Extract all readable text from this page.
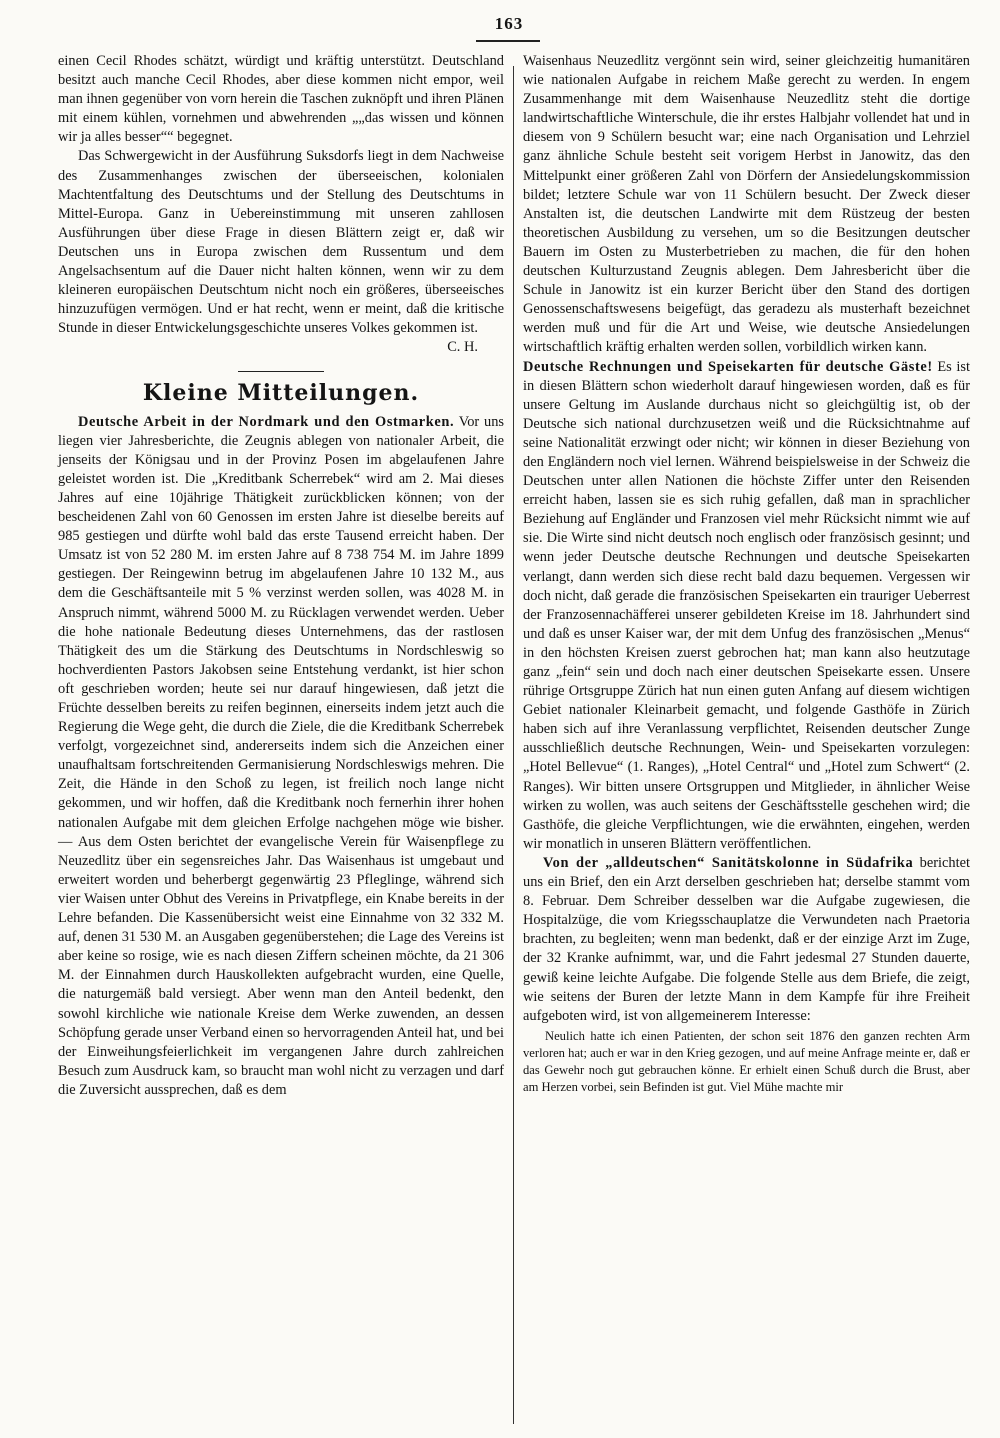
163

einen Cecil Rhodes schätzt, würdigt und kräftig unterstützt. Deutschland besitzt auch manche Cecil Rhodes, aber diese kommen nicht empor, weil man ihnen gegenüber von vorn herein die Taschen zuknöpft und ihren Plänen mit einem kühlen, vornehmen und abwehrenden „„das wissen und können wir ja alles besser““ begegnet.

Das Schwergewicht in der Ausführung Suksdorfs liegt in dem Nachweise des Zusammenhanges zwischen der überseeischen, kolonialen Machtentfaltung des Deutschtums und der Stellung des Deutschtums in Mittel-Europa. Ganz in Uebereinstimmung mit unseren zahllosen Ausführungen über diese Frage in diesen Blättern zeigt er, daß wir Deutschen uns in Europa zwischen dem Russentum und dem Angelsachsentum auf die Dauer nicht halten können, wenn wir zu dem kleineren europäischen Deutschtum nicht noch ein größeres, überseeisches hinzuzufügen vermögen. Und er hat recht, wenn er meint, daß die kritische Stunde in dieser Entwickelungsgeschichte unseres Volkes gekommen ist.

C. H.

Kleine Mitteilungen.

Deutsche Arbeit in der Nordmark und den Ostmarken. Vor uns liegen vier Jahresberichte, die Zeugnis ablegen von nationaler Arbeit, die jenseits der Königsau und in der Provinz Posen im abgelaufenen Jahre geleistet worden ist. Die „Kreditbank Scherrebek“ wird am 2. Mai dieses Jahres auf eine 10jährige Thätigkeit zurückblicken können; von der bescheidenen Zahl von 60 Genossen im ersten Jahre ist dieselbe bereits auf 985 gestiegen und dürfte wohl bald das erste Tausend erreicht haben. Der Umsatz ist von 52 280 M. im ersten Jahre auf 8 738 754 M. im Jahre 1899 gestiegen. Der Reingewinn betrug im abgelaufenen Jahre 10 132 M., aus dem die Geschäftsanteile mit 5 % verzinst werden sollen, was 4028 M. in Anspruch nimmt, während 5000 M. zu Rücklagen verwendet werden. Ueber die hohe nationale Bedeutung dieses Unternehmens, das der rastlosen Thätigkeit des um die Stärkung des Deutschtums in Nordschleswig so hochverdienten Pastors Jakobsen seine Entstehung verdankt, ist hier schon oft geschrieben worden; heute sei nur darauf hingewiesen, daß jetzt die Früchte desselben bereits zu reifen beginnen, einerseits indem jetzt auch die Regierung die Wege geht, die durch die Ziele, die die Kreditbank Scherrebek verfolgt, vorgezeichnet sind, andererseits indem sich die Anzeichen einer unaufhaltsam fortschreitenden Germanisierung Nordschleswigs mehren. Die Zeit, die Hände in den Schoß zu legen, ist freilich noch lange nicht gekommen, und wir hoffen, daß die Kreditbank noch fernerhin ihrer hohen nationalen Aufgabe mit dem gleichen Erfolge nachgehen möge wie bisher. — Aus dem Osten berichtet der evangelische Verein für Waisenpflege zu Neuzedlitz über ein segensreiches Jahr. Das Waisenhaus ist umgebaut und erweitert worden und beherbergt gegenwärtig 23 Pfleglinge, während sich vier Waisen unter Obhut des Vereins in Privatpflege, ein Knabe bereits in der Lehre befanden. Die Kassenübersicht weist eine Einnahme von 32 332 M. auf, denen 31 530 M. an Ausgaben gegenüberstehen; die Lage des Vereins ist aber keine so rosige, wie es nach diesen Ziffern scheinen möchte, da 21 306 M. der Einnahmen durch Hauskollekten aufgebracht wurden, eine Quelle, die naturgemäß bald versiegt. Aber wenn man den Anteil bedenkt, den sowohl kirchliche wie nationale Kreise dem Werke zuwenden, an dessen Schöpfung gerade unser Verband einen so hervorragenden Anteil hat, und bei der Einweihungsfeierlichkeit im vergangenen Jahre durch zahlreichen Besuch zum Ausdruck kam, so braucht man wohl nicht zu verzagen und darf die Zuversicht aussprechen, daß es dem

Waisenhaus Neuzedlitz vergönnt sein wird, seiner gleichzeitig humanitären wie nationalen Aufgabe in reichem Maße gerecht zu werden. In engem Zusammenhange mit dem Waisenhause Neuzedlitz steht die dortige landwirtschaftliche Winterschule, die ihr erstes Halbjahr vollendet hat und in diesem von 9 Schülern besucht war; eine nach Organisation und Lehrziel ganz ähnliche Schule besteht seit vorigem Herbst in Janowitz, das den Mittelpunkt einer größeren Zahl von Dörfern der Ansiedelungskommission bildet; letztere Schule war von 11 Schülern besucht. Der Zweck dieser Anstalten ist, die deutschen Landwirte mit dem Rüstzeug der besten theoretischen Ausbildung zu versehen, um so die Besitzungen deutscher Bauern im Osten zu Musterbetrieben zu machen, die für den hohen deutschen Kulturzustand Zeugnis ablegen. Dem Jahresbericht über die Schule in Janowitz ist ein kurzer Bericht über den Stand des dortigen Genossenschaftswesens beigefügt, das geradezu als musterhaft bezeichnet werden muß und für die Art und Weise, wie deutsche Ansiedelungen wirtschaftlich kräftig erhalten werden sollen, vorbildlich wirken kann.

Deutsche Rechnungen und Speisekarten für deutsche Gäste! Es ist in diesen Blättern schon wiederholt darauf hingewiesen worden, daß es für unsere Geltung im Auslande durchaus nicht so gleichgültig ist, ob der Deutsche sich national durchzusetzen weiß und die Rücksichtnahme auf seine Nationalität erzwingt oder nicht; wir können in dieser Beziehung von den Engländern noch viel lernen. Während beispielsweise in der Schweiz die Deutschen unter allen Nationen die höchste Ziffer unter den Reisenden erreicht haben, lassen sie es sich ruhig gefallen, daß man in sprachlicher Beziehung auf Engländer und Franzosen viel mehr Rücksicht nimmt wie auf sie. Die Wirte sind nicht deutsch noch englisch oder französisch gesinnt; und wenn jeder Deutsche deutsche Rechnungen und deutsche Speisekarten verlangt, dann werden sich diese recht bald dazu bequemen. Vergessen wir doch nicht, daß gerade die französischen Speisekarten ein trauriger Ueberrest der Franzosennachäfferei unserer gebildeten Kreise im 18. Jahrhundert sind und daß es unser Kaiser war, der mit dem Unfug des französischen „Menus“ in den höchsten Kreisen zuerst gebrochen hat; man kann also heutzutage ganz „fein“ sein und doch nach einer deutschen Speisekarte essen. Unsere rührige Ortsgruppe Zürich hat nun einen guten Anfang auf diesem wichtigen Gebiet nationaler Kleinarbeit gemacht, und folgende Gasthöfe in Zürich haben sich auf ihre Veranlassung verpflichtet, Reisenden deutscher Zunge ausschließlich deutsche Rechnungen, Wein- und Speisekarten vorzulegen: „Hotel Bellevue“ (1. Ranges), „Hotel Central“ und „Hotel zum Schwert“ (2. Ranges). Wir bitten unsere Ortsgruppen und Mitglieder, in ähnlicher Weise wirken zu wollen, was auch seitens der Geschäftsstelle geschehen wird; die Gasthöfe, die gleiche Verpflichtungen, wie die erwähnten, eingehen, werden wir monatlich in unseren Blättern veröffentlichen.

Von der „alldeutschen“ Sanitätskolonne in Südafrika berichtet uns ein Brief, den ein Arzt derselben geschrieben hat; derselbe stammt vom 8. Februar. Dem Schreiber desselben war die Aufgabe zugewiesen, die Hospitalzüge, die vom Kriegsschauplatze die Verwundeten nach Praetoria brachten, zu begleiten; wenn man bedenkt, daß er der einzige Arzt im Zuge, der 32 Kranke aufnimmt, war, und die Fahrt jedesmal 27 Stunden dauerte, gewiß keine leichte Aufgabe. Die folgende Stelle aus dem Briefe, die zeigt, wie seitens der Buren der letzte Mann in dem Kampfe für ihre Freiheit aufgeboten wird, ist von allgemeinerem Interesse:

Neulich hatte ich einen Patienten, der schon seit 1876 den ganzen rechten Arm verloren hat; auch er war in den Krieg gezogen, und auf meine Anfrage meinte er, daß er das Gewehr noch gut gebrauchen könne. Er erhielt einen Schuß durch die Brust, aber am Herzen vorbei, sein Befinden ist gut. Viel Mühe machte mir
